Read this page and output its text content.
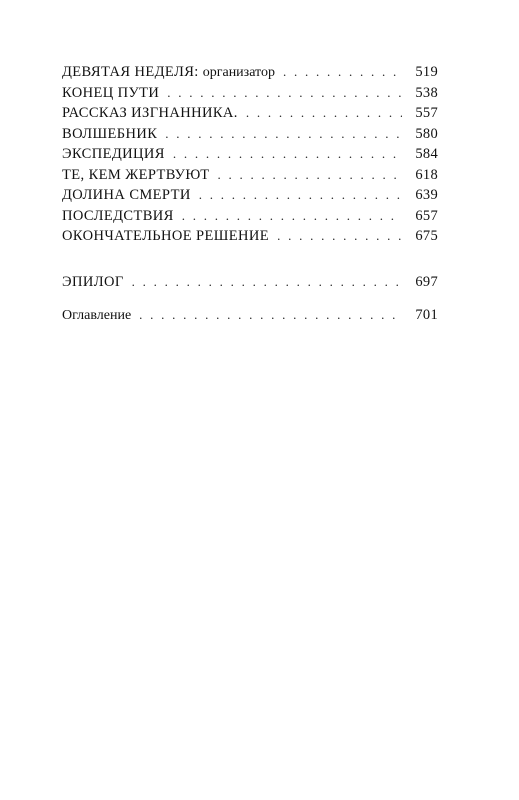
ДЕВЯТАЯ НЕДЕЛЯ: организатор . . .	519
КОНЕЦ ПУТИ . . .	538
РАССКАЗ ИЗГНАННИКА. . . .	557
ВОЛШЕБНИК . . .	580
ЭКСПЕДИЦИЯ . . .	584
ТЕ, КЕМ ЖЕРТВУЮТ . . .	618
ДОЛИНА СМЕРТИ . . .	639
ПОСЛЕДСТВИЯ . . .	657
ОКОНЧАТЕЛЬНОЕ РЕШЕНИЕ . . .	675
ЭПИЛОГ . . .	697
Оглавление . . .	701
